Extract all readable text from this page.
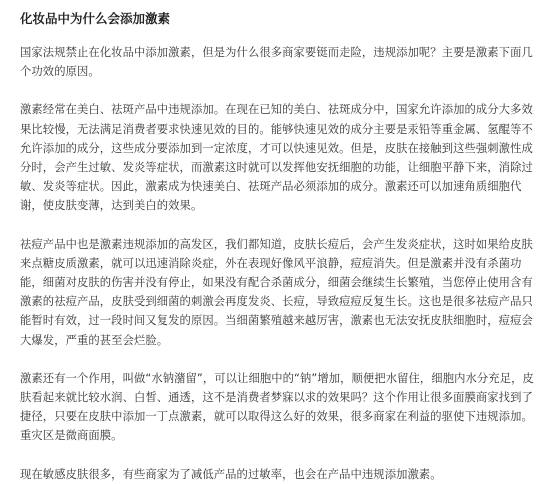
化妆品中为什么会添加激素

国家法规禁止在化妆品中添加激素，但是为什么很多商家要铤而走险，违规添加呢？主要是激素下面几个功效的原因。

激素经常在美白、祛斑产品中违规添加。在现在已知的美白、祛斑成分中，国家允许添加的成分大多效果比较慢，无法满足消费者要求快速见效的目的。能够快速见效的成分主要是汞铅等重金属、氢醌等不允许添加的成分，这些成分要添加到一定浓度，才可以快速见效。但是，皮肤在接触到这些强刺激性成分时，会产生过敏、发炎等症状，而激素这时就可以发挥他安抚细胞的功能，让细胞平静下来，消除过敏、发炎等症状。因此，激素成为快速美白、祛斑产品必须添加的成分。激素还可以加速角质细胞代谢，使皮肤变薄，达到美白的效果。

祛痘产品中也是激素违规添加的高发区，我们都知道，皮肤长痘后，会产生发炎症状，这时如果给皮肤来点糖皮质激素，就可以迅速消除炎症，外在表现好像风平浪静，痘痘消失。但是激素并没有杀菌功能，细菌对皮肤的伤害并没有停止，如果没有配合杀菌成分，细菌会继续生长繁殖，当您停止使用含有激素的祛痘产品，皮肤受到细菌的刺激会再度发炎、长痘，导致痘痘反复生长。这也是很多祛痘产品只能暂时有效，过一段时间又复发的原因。当细菌繁殖越来越厉害，激素也无法安抚皮肤细胞时，痘痘会大爆发，严重的甚至会烂脸。

激素还有一个作用，叫做“水钠潴留”，可以让细胞中的“钠”增加，顺便把水留住，细胞内水分充足，皮肤看起来就比较水润、白皙、通透，这不是消费者梦寐以求的效果吗？这个作用让很多面膜商家找到了捷径，只要在皮肤中添加一丁点激素，就可以取得这么好的效果，很多商家在利益的驱使下违规添加。重灾区是微商面膜。

现在敏感皮肤很多，有些商家为了减低产品的过敏率，也会在产品中违规添加激素。
